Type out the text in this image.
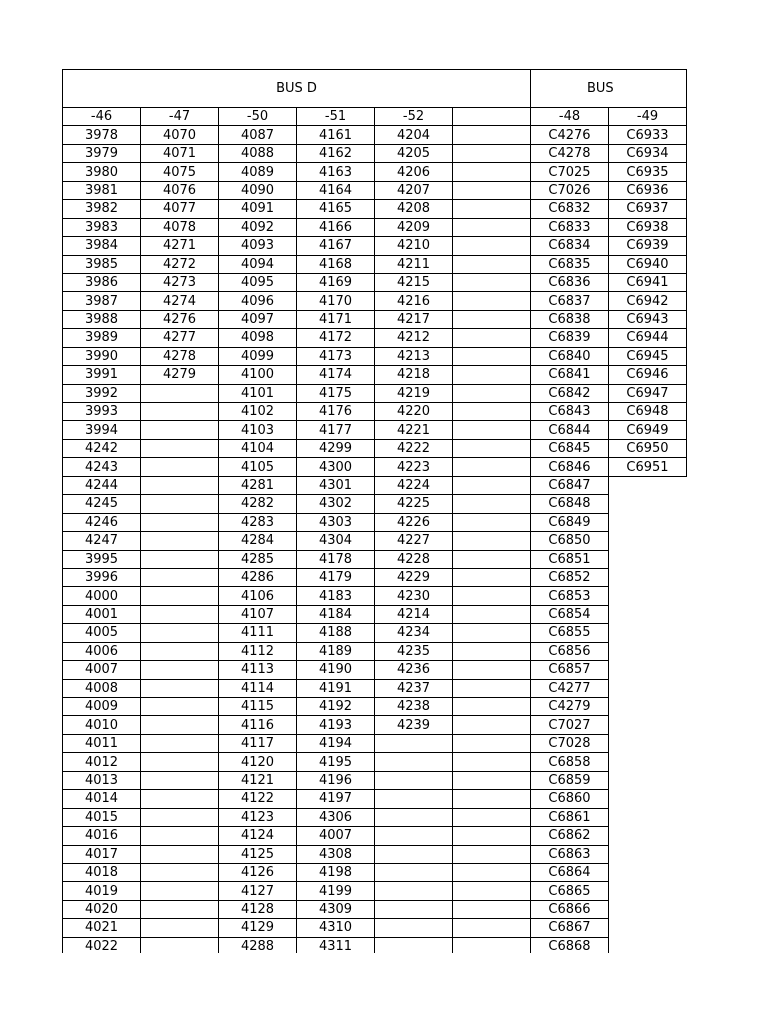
BUS D						BUS	
-46	-47	-50	-51	-52		-48	-49
3978	4070	4087	4161	4204		C4276	C6933
3979	4071	4088	4162	4205		C4278	C6934
3980	4075	4089	4163	4206		C7025	C6935
3981	4076	4090	4164	4207		C7026	C6936
3982	4077	4091	4165	4208		C6832	C6937
3983	4078	4092	4166	4209		C6833	C6938
3984	4271	4093	4167	4210		C6834	C6939
3985	4272	4094	4168	4211		C6835	C6940
3986	4273	4095	4169	4215		C6836	C6941
3987	4274	4096	4170	4216		C6837	C6942
3988	4276	4097	4171	4217		C6838	C6943
3989	4277	4098	4172	4212		C6839	C6944
3990	4278	4099	4173	4213		C6840	C6945
3991	4279	4100	4174	4218		C6841	C6946
3992		4101	4175	4219		C6842	C6947
3993		4102	4176	4220		C6843	C6948
3994		4103	4177	4221		C6844	C6949
4242		4104	4299	4222		C6845	C6950
4243		4105	4300	4223		C6846	C6951
4244		4281	4301	4224		C6847	
4245		4282	4302	4225		C6848	
4246		4283	4303	4226		C6849	
4247		4284	4304	4227		C6850	
3995		4285	4178	4228		C6851	
3996		4286	4179	4229		C6852	
4000		4106	4183	4230		C6853	
4001		4107	4184	4214		C6854	
4005		4111	4188	4234		C6855	
4006		4112	4189	4235		C6856	
4007		4113	4190	4236		C6857	
4008		4114	4191	4237		C4277	
4009		4115	4192	4238		C4279	
4010		4116	4193	4239		C7027	
4011		4117	4194			C7028	
4012		4120	4195			C6858	
4013		4121	4196			C6859	
4014		4122	4197			C6860	
4015		4123	4306			C6861	
4016		4124	4007			C6862	
4017		4125	4308			C6863	
4018		4126	4198			C6864	
4019		4127	4199			C6865	
4020		4128	4309			C6866	
4021		4129	4310			C6867	
4022		4288	4311			C6868	
